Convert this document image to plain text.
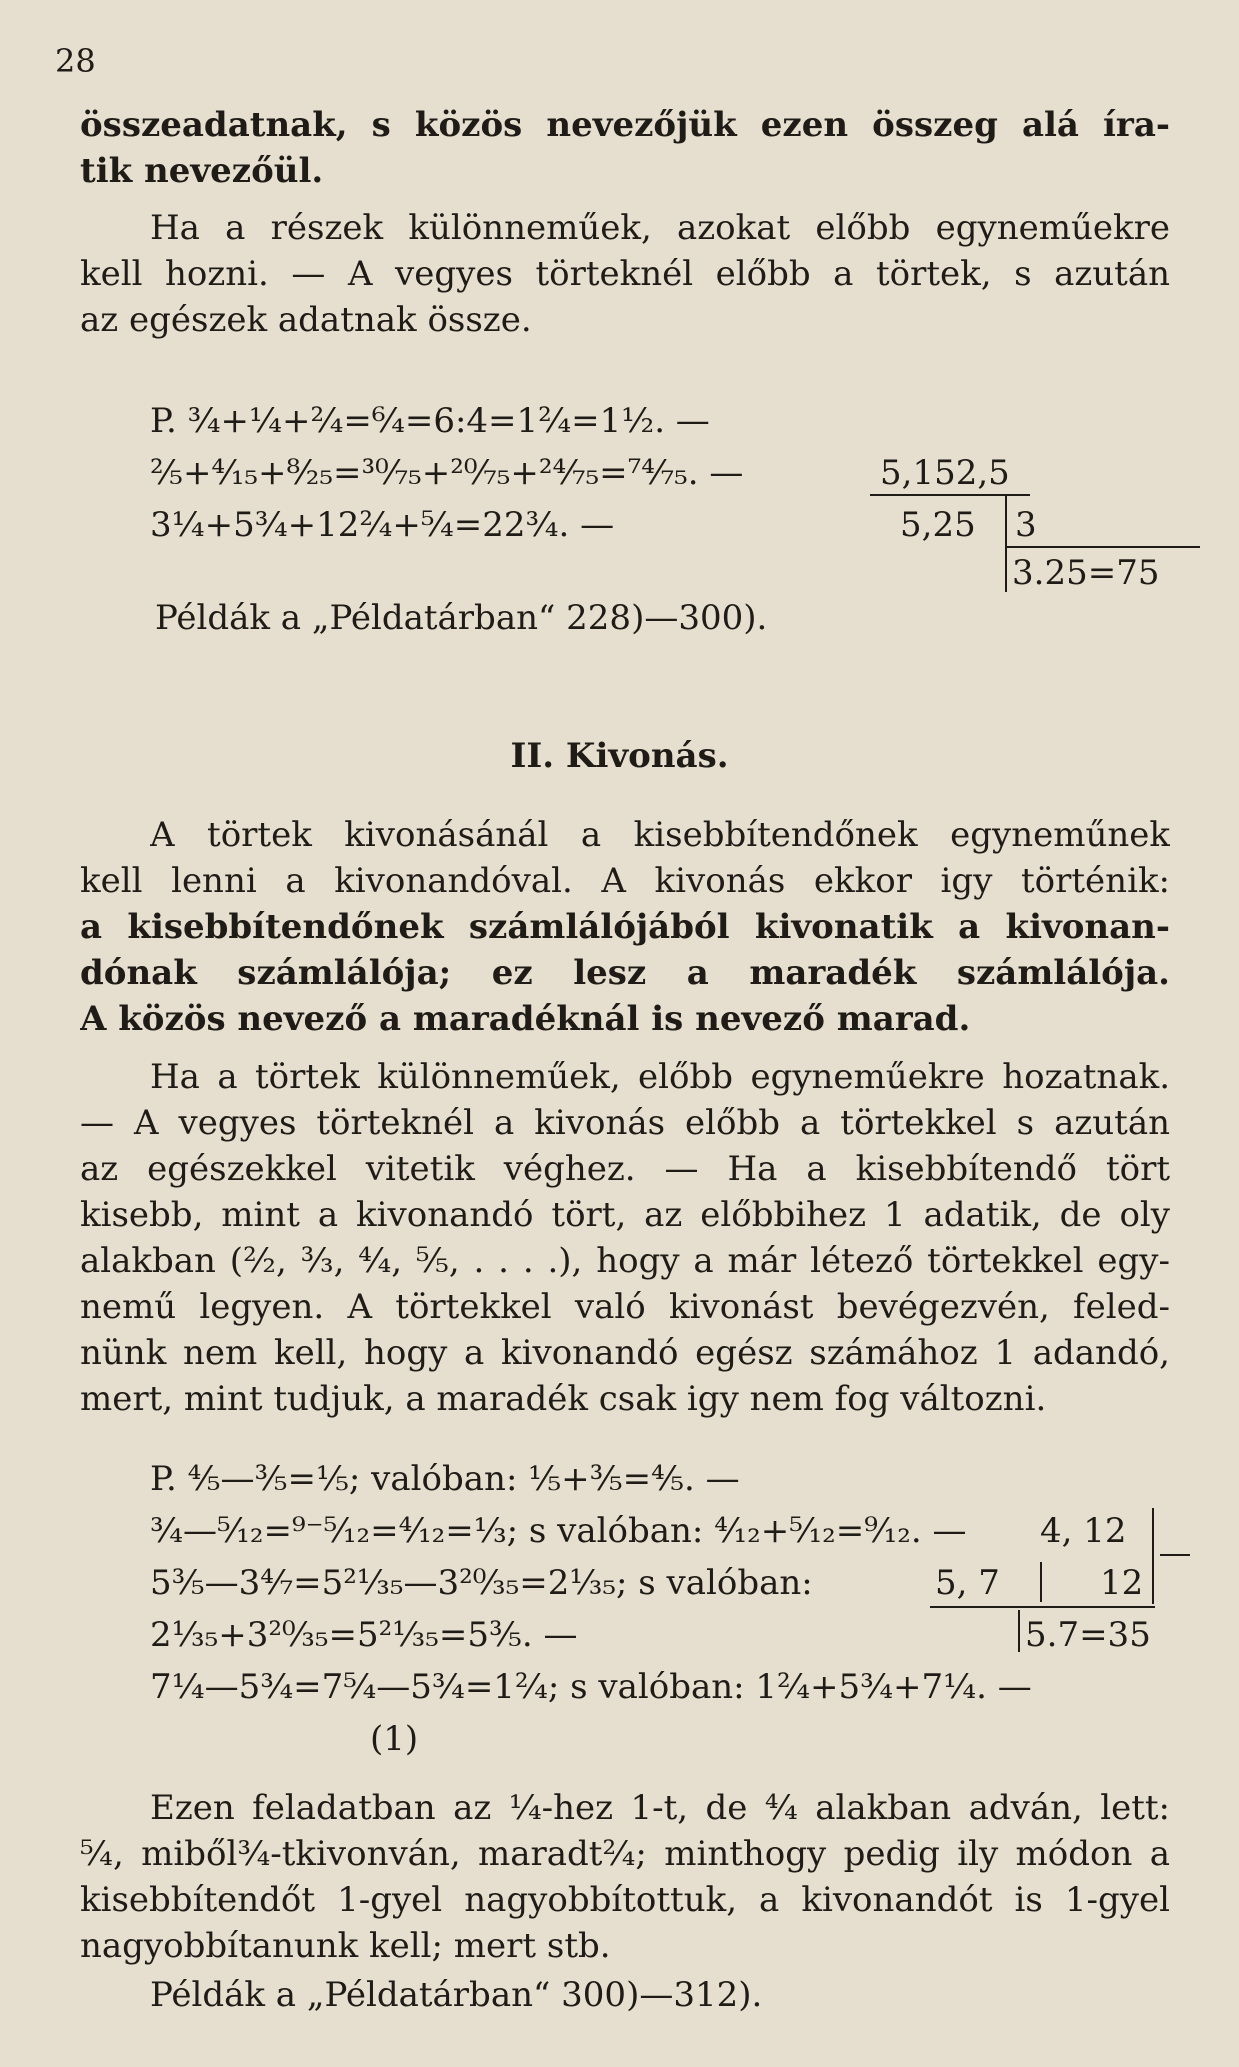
28
összeadatnak, s közös nevezőjük ezen összeg alá íra-
tik nevezőül.
Ha a részek különneműek, azokat előbb egyneműekre
kell hozni. — A vegyes törteknél előbb a törtek, s azután
az egészek adatnak össze.
P. ¾+¼+²⁄₄=⁶⁄₄=6:4=1²⁄₄=1½. —
²⁄₅+⁴⁄₁₅+⁸⁄₂₅=³⁰⁄₇₅+²⁰⁄₇₅+²⁴⁄₇₅=⁷⁴⁄₇₅. —
3¼+5¾+12²⁄₄+⁵⁄₄=22¾. —
5,152,5
5,25 3
3.25=75
Példák a „Példatárban“ 228)—300).
II. Kivonás.
A törtek kivonásánál a kisebbítendőnek egyneműnek
kell lenni a kivonandóval. A kivonás ekkor igy történik:
a kisebbítendőnek számlálójából kivonatik a kivonan-
dónak számlálója; ez lesz a maradék számlálója.
A közös nevező a maradéknál is nevező marad.
Ha a törtek különneműek, előbb egyneműekre hozatnak.
— A vegyes törteknél a kivonás előbb a törtekkel s azután
az egészekkel vitetik véghez. — Ha a kisebbítendő tört
kisebb, mint a kivonandó tört, az előbbihez 1 adatik, de oly
alakban (²⁄₂, ³⁄₃, ⁴⁄₄, ⁵⁄₅, . . . .), hogy a már létező törtekkel egy-
nemű legyen. A törtekkel való kivonást bevégezvén, feled-
nünk nem kell, hogy a kivonandó egész számához 1 adandó,
mert, mint tudjuk, a maradék csak igy nem fog változni.
P. ⁴⁄₅—³⁄₅=⅕; valóban: ⅕+³⁄₅=⁴⁄₅. —
¾—⁵⁄₁₂=⁹⁻⁵⁄₁₂=⁴⁄₁₂=⅓; s valóban: ⁴⁄₁₂+⁵⁄₁₂=⁹⁄₁₂. —
5³⁄₅—3⁴⁄₇=5²¹⁄₃₅—3²⁰⁄₃₅=2¹⁄₃₅; s valóban:
2¹⁄₃₅+3²⁰⁄₃₅=5²¹⁄₃₅=5³⁄₅. —
7¼—5¾=7⁵⁄₄—5¾=1²⁄₄; s valóban: 1²⁄₄+5¾+7¼. —
(1)
4, 12
5, 7	12
5.7=35
Ezen feladatban az ¼-hez 1-t, de ⁴⁄₄ alakban adván, lett:
⁵⁄₄, miből¾-tkivonván, maradt²⁄₄; minthogy pedig ily módon a
kisebbítendőt 1-gyel nagyobbítottuk, a kivonandót is 1-gyel
nagyobbítanunk kell; mert stb.
Példák a „Példatárban“ 300)—312).
